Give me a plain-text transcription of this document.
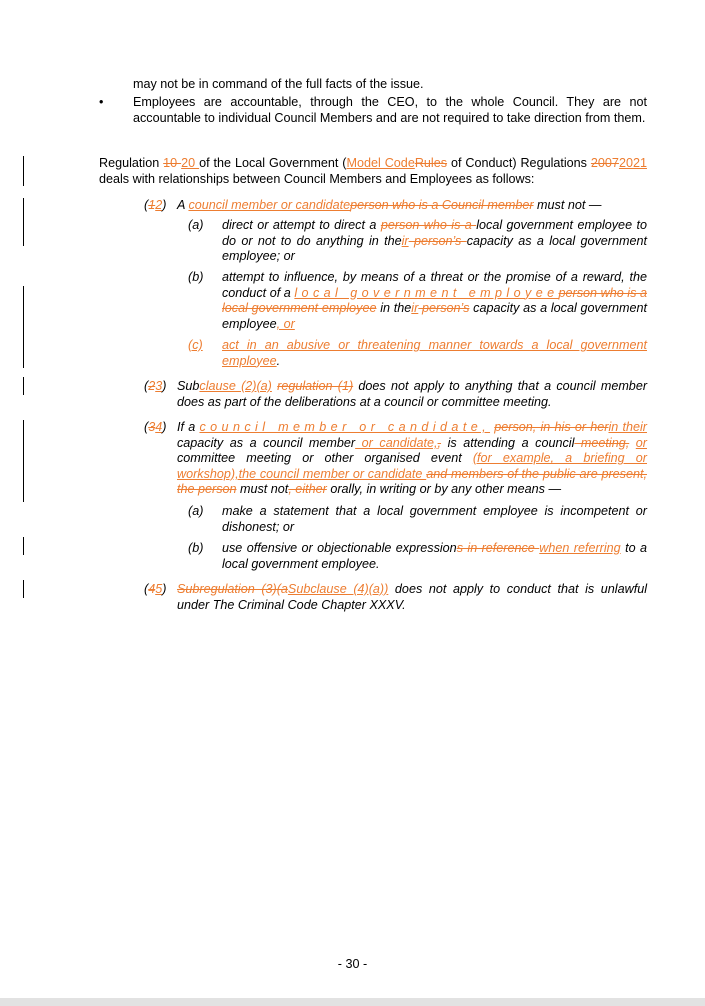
may not be in command of the full facts of the issue.
• Employees are accountable, through the CEO, to the whole Council. They are not accountable to individual Council Members and are not required to take direction from them.
Regulation 10 20 of the Local Government (Model CodeRules of Conduct) Regulations 20072021 deals with relationships between Council Members and Employees as follows:
(12) A council member or candidateperson who is a Council member must not —
(a) direct or attempt to direct a person who is a local government employee to do or not to do anything in their person’s capacity as a local government employee; or
(b) attempt to influence, by means of a threat or the promise of a reward, the conduct of a local government employeeperson who is a local government employee in their person’s capacity as a local government employee, or
(c) act in an abusive or threatening manner towards a local government employee.
(23) Subclause (2)(a) regulation (1) does not apply to anything that a council member does as part of the deliberations at a council or committee meeting.
(34) If a council member or candidate, person, in his or herin their capacity as a council member or candidate,, is attending a council meeting, or committee meeting or other organised event (for example, a briefing or workshop),the council member or candidate and members of the public are present, the person must not, either orally, in writing or by any other means —
(a) make a statement that a local government employee is incompetent or dishonest; or
(b) use offensive or objectionable expressions in reference when referring to a local government employee.
(45) Subregulation (3)(aSubclause (4)(a)) does not apply to conduct that is unlawful under The Criminal Code Chapter XXXV.
- 30 -
